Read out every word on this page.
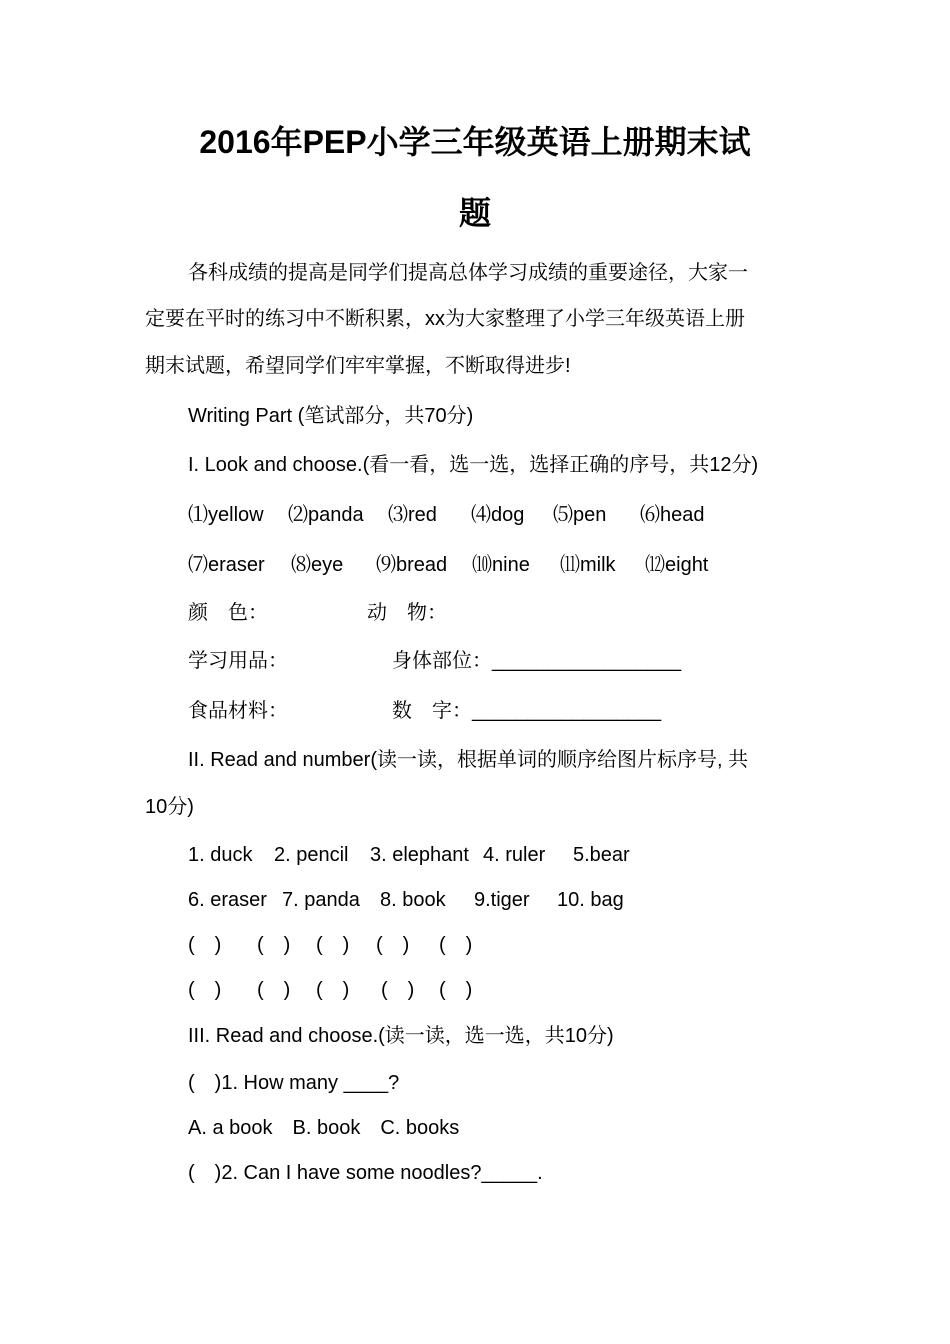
2016年PEP小学三年级英语上册期末试
题
各科成绩的提高是同学们提高总体学习成绩的重要途径，大家一
定要在平时的练习中不断积累，xx为大家整理了小学三年级英语上册
期末试题，希望同学们牢牢掌握，不断取得进步!
Writing Part (笔试部分，共70分)
I. Look and choose.(看一看，选一选，选择正确的序号，共12分)
⑴yellow ⑵panda ⑶red ⑷dog ⑸pen ⑹head
⑺eraser ⑻eye ⑼bread ⑽nine ⑾milk ⑿eight
颜　色：	动　物：
学习用品：	身体部位：_________________
食品材料：	数　字：_________________
II. Read and number(读一读，根据单词的顺序给图片标序号, 共
10分)
1. duck 2. pencil 3. elephant 4. ruler 5.bear
6. eraser 7. panda 8. book 9.tiger 10. bag
(　) (　) (　) (　) (　)
(　) (　) (　) (　) (　)
III. Read and choose.(读一读，选一选，共10分)
(　)1. How many ____?
A. a book　B. book　C. books
(　)2. Can I have some noodles?_____.
